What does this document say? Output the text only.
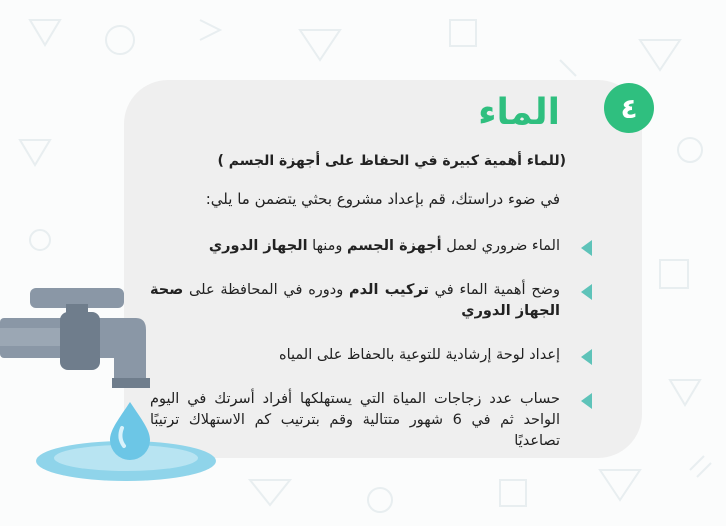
٤
الماء

(للماء أهمية كبيرة في الحفاظ على أجهزة الجسم )

في ضوء دراستك، قم بإعداد مشروع بحثي يتضمن ما يلي:

الماء ضروري لعمل أجهزة الجسم ومنها الجهاز الدوري
وضح أهمية الماء في تركيب الدم ودوره في المحافظة على صحة الجهاز الدوري
إعداد لوحة إرشادية للتوعية بالحفاظ على المياه
حساب عدد زجاجات المياة التي يستهلكها أفراد أسرتك في اليوم الواحد ثم في 6 شهور متتالية وقم بترتيب كم الاستهلاك ترتيبًا تصاعديًا
